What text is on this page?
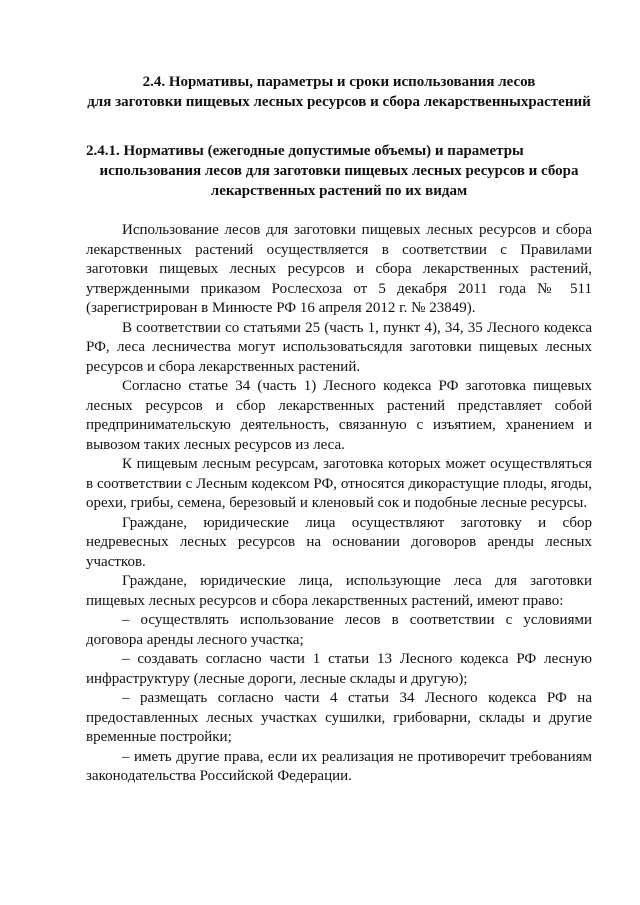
2.4. Нормативы, параметры и сроки использования лесов
для заготовки пищевых лесных ресурсов и сбора лекарственныхрастений
2.4.1. Нормативы (ежегодные допустимые объемы) и параметры
использования лесов для заготовки пищевых лесных ресурсов и сбора
лекарственных растений по их видам

Использование лесов для заготовки пищевых лесных ресурсов и сбора лекарственных растений осуществляется в соответствии с Правилами заготовки пищевых лесных ресурсов и сбора лекарственных растений, утвержденными приказом Рослесхоза от 5 декабря 2011 года № 511 (зарегистрирован в Минюсте РФ 16 апреля 2012 г. № 23849).

В соответствии со статьями 25 (часть 1, пункт 4), 34, 35 Лесного кодекса РФ, леса лесничества могут использоватьсядля заготовки пищевых лесных ресурсов и сбора лекарственных растений.

Согласно статье 34 (часть 1) Лесного кодекса РФ заготовка пищевых лесных ресурсов и сбор лекарственных растений представляет собой предпринимательскую деятельность, связанную с изъятием, хранением и вывозом таких лесных ресурсов из леса.

К пищевым лесным ресурсам, заготовка которых может осуществляться в соответствии с Лесным кодексом РФ, относятся дикорастущие плоды, ягоды, орехи, грибы, семена, березовый и кленовый сок и подобные лесные ресурсы.

Граждане, юридические лица осуществляют заготовку и сбор недревесных лесных ресурсов на основании договоров аренды лесных участков.

Граждане, юридические лица, использующие леса для заготовки пищевых лесных ресурсов и сбора лекарственных растений, имеют право:

– осуществлять использование лесов в соответствии с условиями договора аренды лесного участка;

– создавать согласно части 1 статьи 13 Лесного кодекса РФ лесную инфраструктуру (лесные дороги, лесные склады и другую);

– размещать согласно части 4 статьи 34 Лесного кодекса РФ на предоставленных лесных участках сушилки, грибоварни, склады и другие временные постройки;

– иметь другие права, если их реализация не противоречит требованиям законодательства Российской Федерации.
